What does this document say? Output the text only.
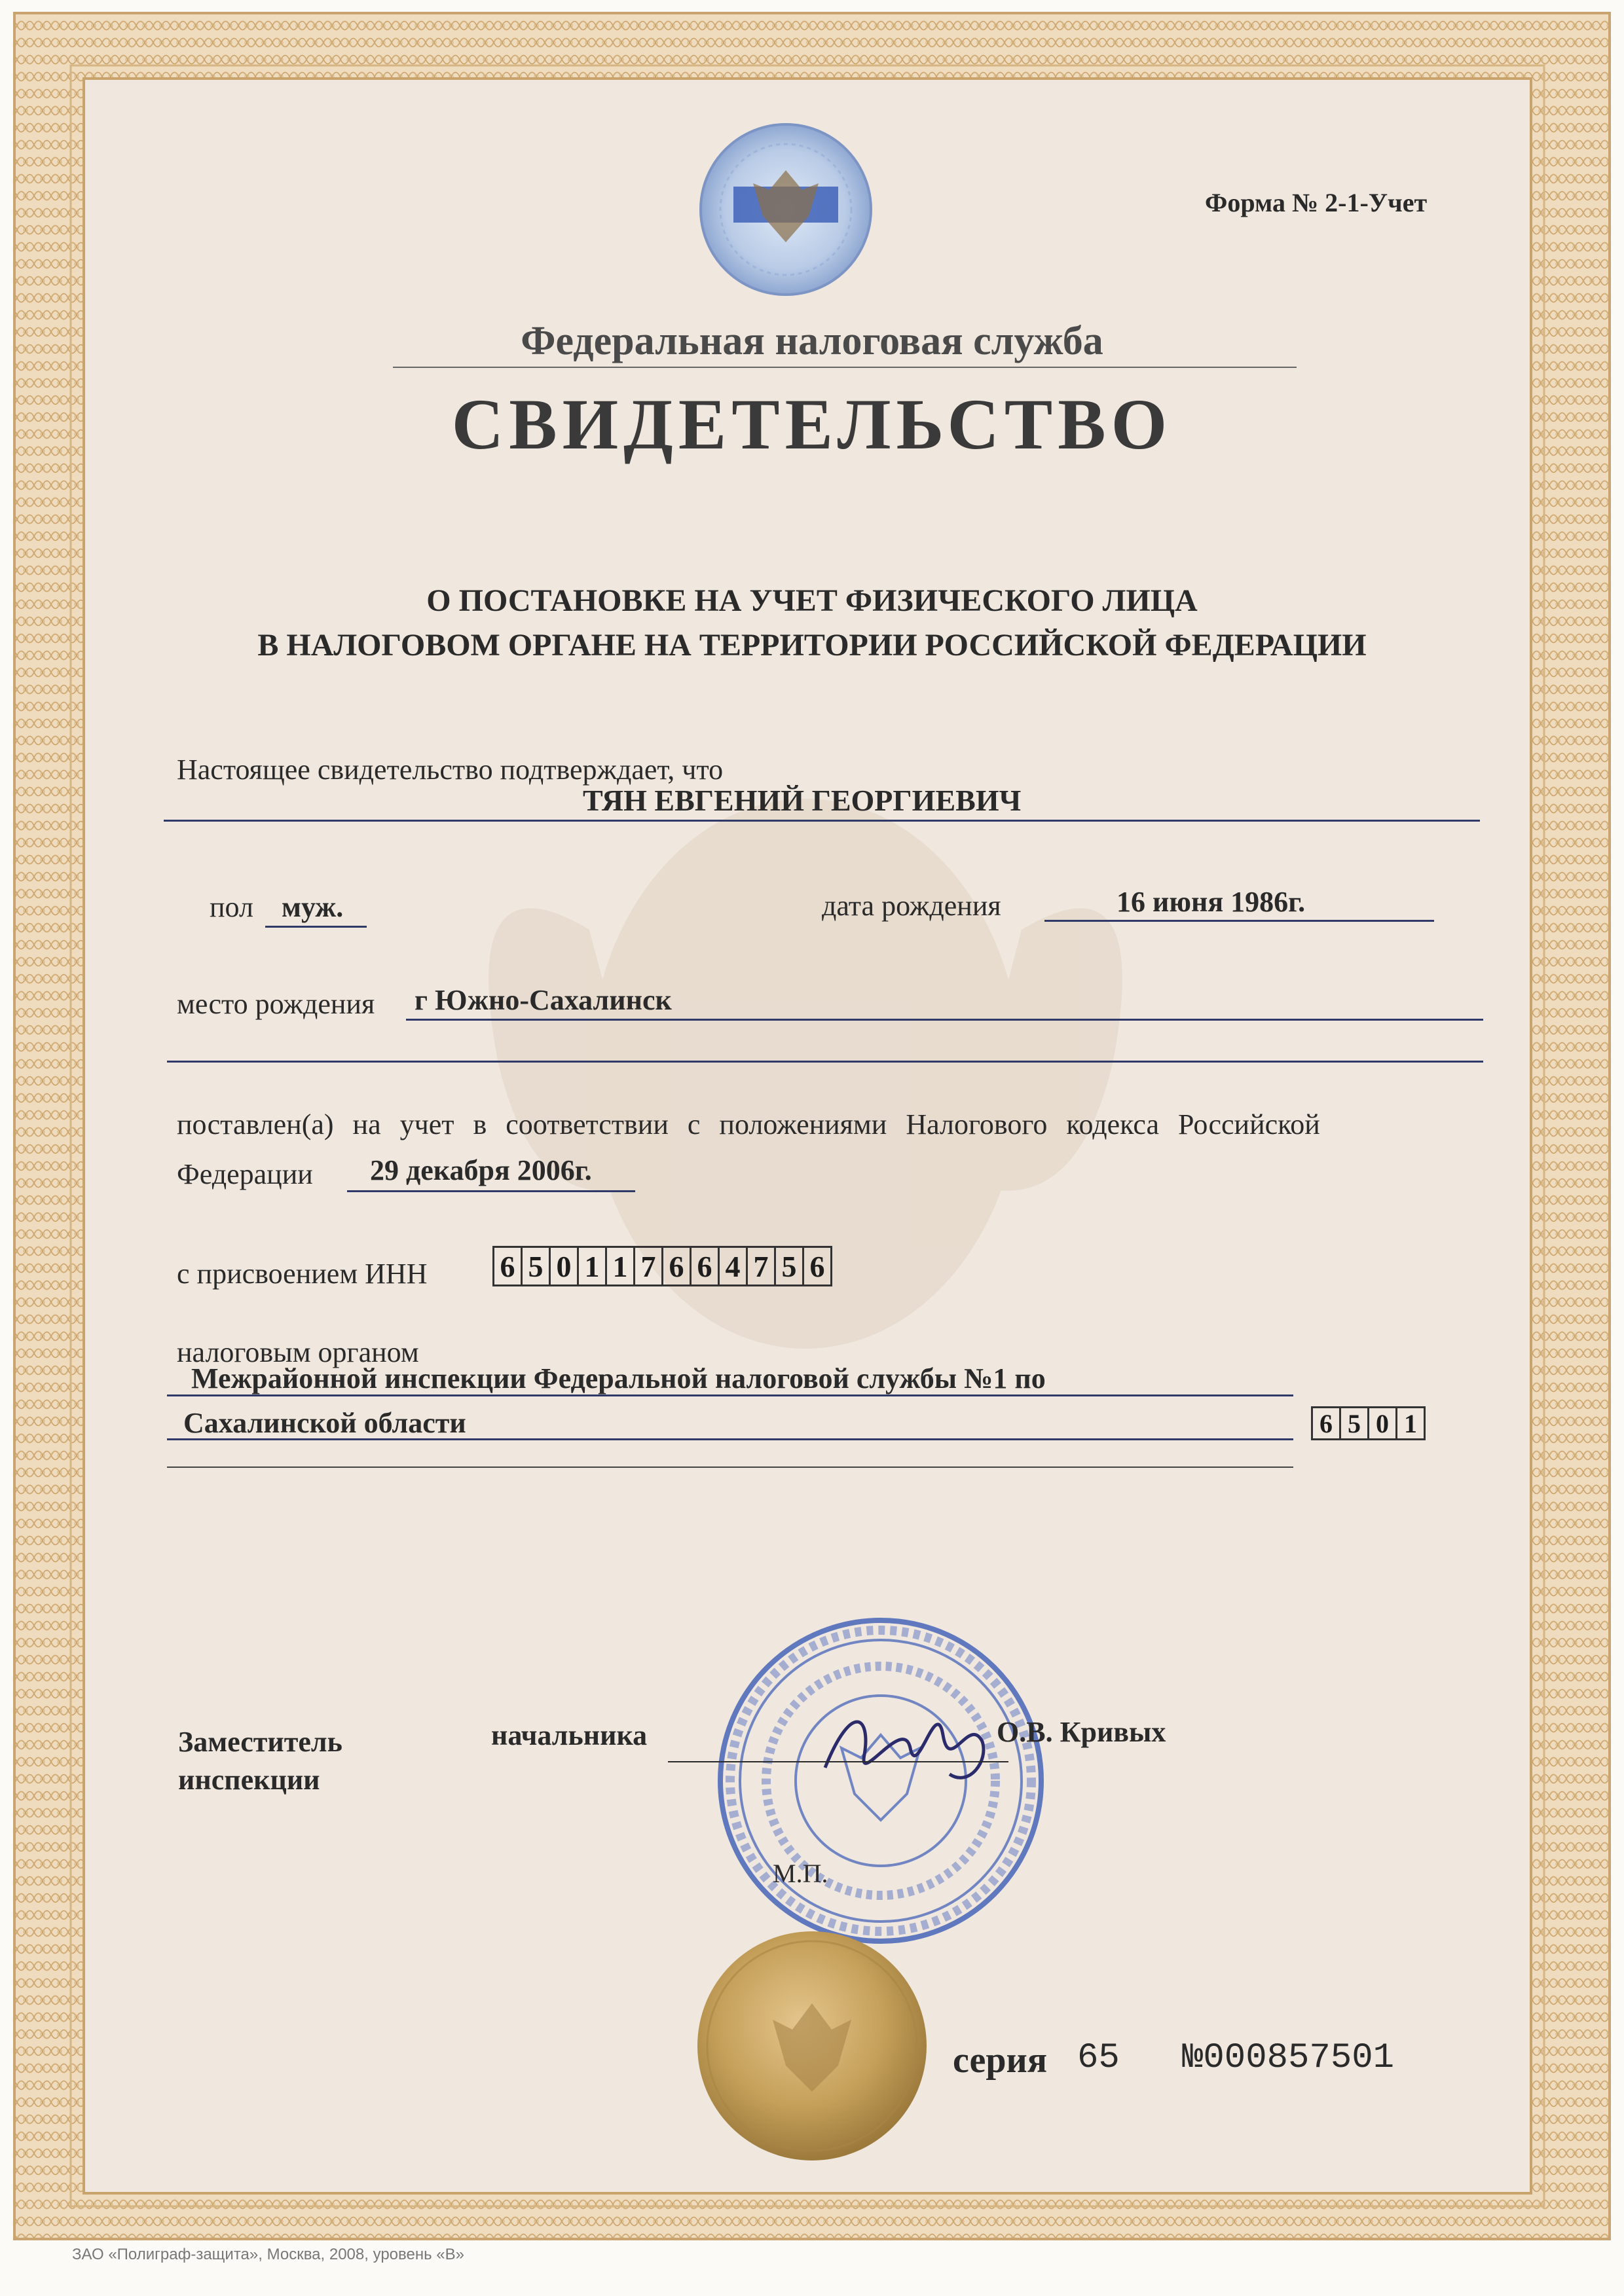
Форма № 2-1-Учет
Федеральная налоговая служба
СВИДЕТЕЛЬСТВО
О ПОСТАНОВКЕ НА УЧЕТ ФИЗИЧЕСКОГО ЛИЦА
В НАЛОГОВОМ ОРГАНЕ НА ТЕРРИТОРИИ РОССИЙСКОЙ ФЕДЕРАЦИИ
Настоящее свидетельство подтверждает, что
ТЯН ЕВГЕНИЙ ГЕОРГИЕВИЧ
пол муж.	дата рождения	16 июня 1986г.
место рождения г Южно-Сахалинск
поставлен(а) на учет в соответствии с положениями Налогового кодекса Российской
Федерации 29 декабря 2006г.
с присвоением ИНН 6 5 0 1 1 7 6 6 4 7 5 6
налоговым органом
Межрайонной инспекции Федеральной налоговой службы №1 по
Сахалинской области	6 5 0 1
Заместитель	начальника
инспекции
О.В. Кривых
М.П.
серия 65 №000857501
ЗАО «Полиграф-защита», Москва, 2008, уровень «В»
